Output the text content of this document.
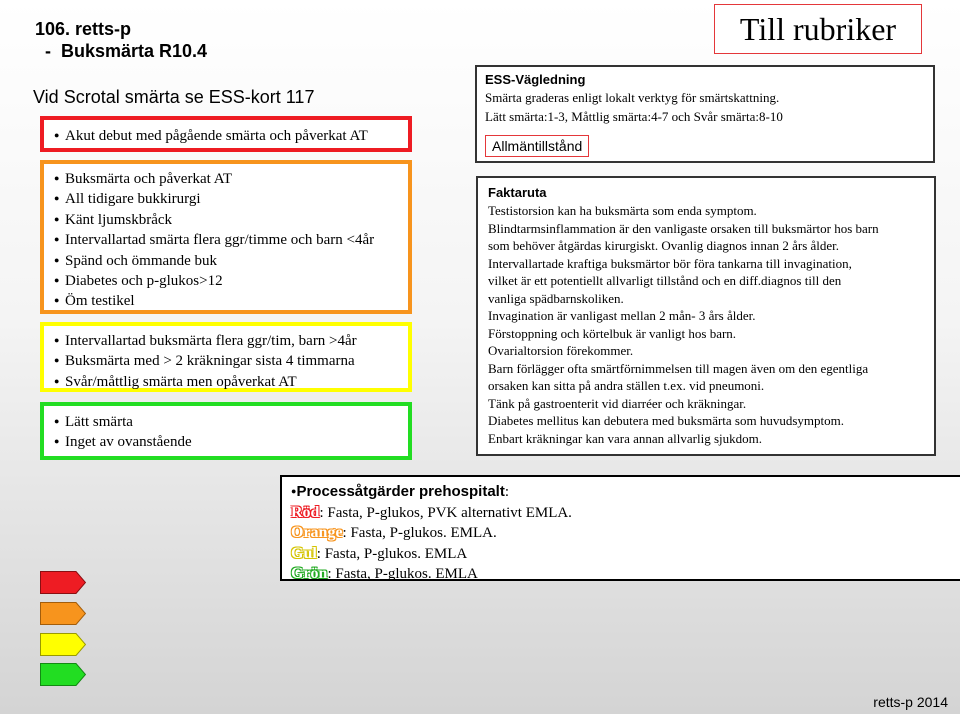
106. retts-p
-  Buksmärta R10.4
Vid Scrotal smärta se ESS-kort 117
● Akut debut med pågående smärta och påverkat AT
● Buksmärta och påverkat AT
● All tidigare bukkirurgi
● Känt ljumskbråck
● Intervallartad smärta flera ggr/timme och barn <4år
● Spänd och ömmande buk
● Diabetes och p-glukos>12
● Öm testikel
● Intervallartad buksmärta flera ggr/tim, barn >4år
● Buksmärta med > 2 kräkningar sista 4 timmarna
● Svår/måttlig smärta men opåverkat AT
● Lätt smärta
● Inget av ovanstående
Till rubriker
ESS-Vägledning
Smärta graderas enligt lokalt verktyg för smärtskattning.
Lätt smärta:1-3, Måttlig smärta:4-7 och Svår smärta:8-10
Allmäntillstånd
Faktaruta
Testistorsion kan ha buksmärta som enda symptom.
Blindtarmsinflammation är den vanligaste orsaken till buksmärtor hos barn
som behöver åtgärdas kirurgiskt. Ovanlig diagnos innan 2 års ålder.
Intervallartade kraftiga buksmärtor bör föra tankarna till invagination,
vilket är ett potentiellt allvarligt tillstånd och en diff.diagnos till den
vanliga spädbarnskoliken.
Invagination är vanligast mellan 2 mån- 3 års ålder.
Förstoppning och körtelbuk är vanligt hos barn.
Ovarialtorsion förekommer.
Barn förlägger ofta smärtförnimmelsen till magen även om den egentliga
orsaken kan sitta på andra ställen t.ex. vid pneumoni.
Tänk på gastroenterit vid diarréer och kräkningar.
Diabetes mellitus kan debutera med buksmärta som huvudsymptom.
Enbart kräkningar kan vara annan allvarlig sjukdom.
●Processåtgärder prehospitalt:
Röd: Fasta, P-glukos, PVK alternativt EMLA.
Orange: Fasta, P-glukos. EMLA.
Gul: Fasta, P-glukos. EMLA
Grön: Fasta, P-glukos. EMLA
retts-p 2014
